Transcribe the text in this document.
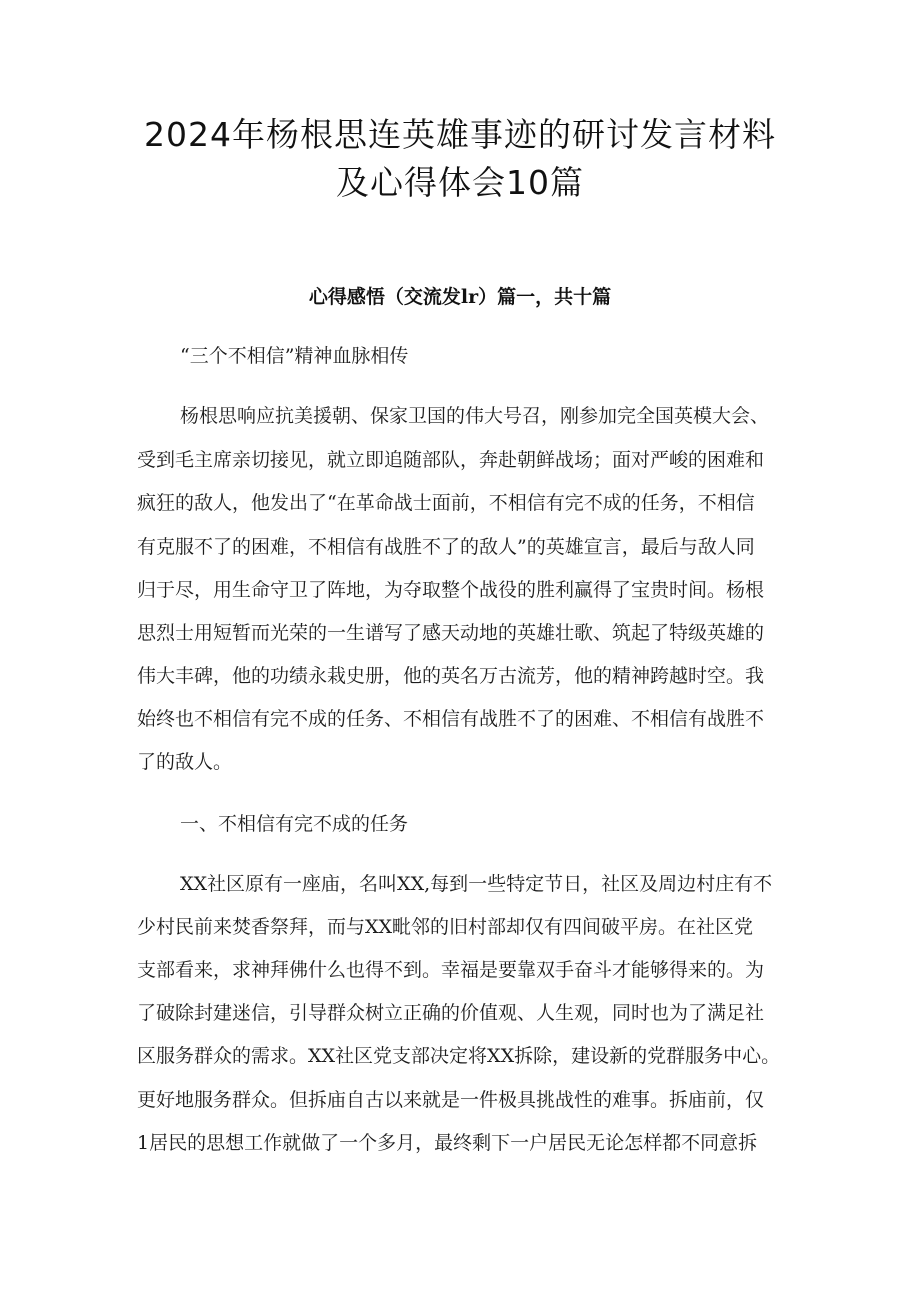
2024年杨根思连英雄事迹的研讨发言材料
及心得体会10篇
心得感悟（交流发lr）篇一，共十篇
“三个不相信”精神血脉相传
杨根思响应抗美援朝、保家卫国的伟大号召，刚参加完全国英模大会、
受到毛主席亲切接见，就立即追随部队，奔赴朝鲜战场；面对严峻的困难和
疯狂的敌人，他发出了“在革命战士面前，不相信有完不成的任务，不相信
有克服不了的困难，不相信有战胜不了的敌人”的英雄宣言，最后与敌人同
归于尽，用生命守卫了阵地，为夺取整个战役的胜利赢得了宝贵时间。杨根
思烈士用短暂而光荣的一生谱写了感天动地的英雄壮歌、筑起了特级英雄的
伟大丰碑，他的功绩永栽史册，他的英名万古流芳，他的精神跨越时空。我
始终也不相信有完不成的任务、不相信有战胜不了的困难、不相信有战胜不
了的敌人。
一、不相信有完不成的任务
XX社区原有一座庙，名叫XX,每到一些特定节日，社区及周边村庄有不
少村民前来焚香祭拜，而与XX毗邻的旧村部却仅有四间破平房。在社区党
支部看来，求神拜佛什么也得不到。幸福是要靠双手奋斗才能够得来的。为
了破除封建迷信，引导群众树立正确的价值观、人生观，同时也为了满足社
区服务群众的需求。XX社区党支部决定将XX拆除，建设新的党群服务中心。
更好地服务群众。但拆庙自古以来就是一件极具挑战性的难事。拆庙前，仅
1居民的思想工作就做了一个多月，最终剩下一户居民无论怎样都不同意拆
